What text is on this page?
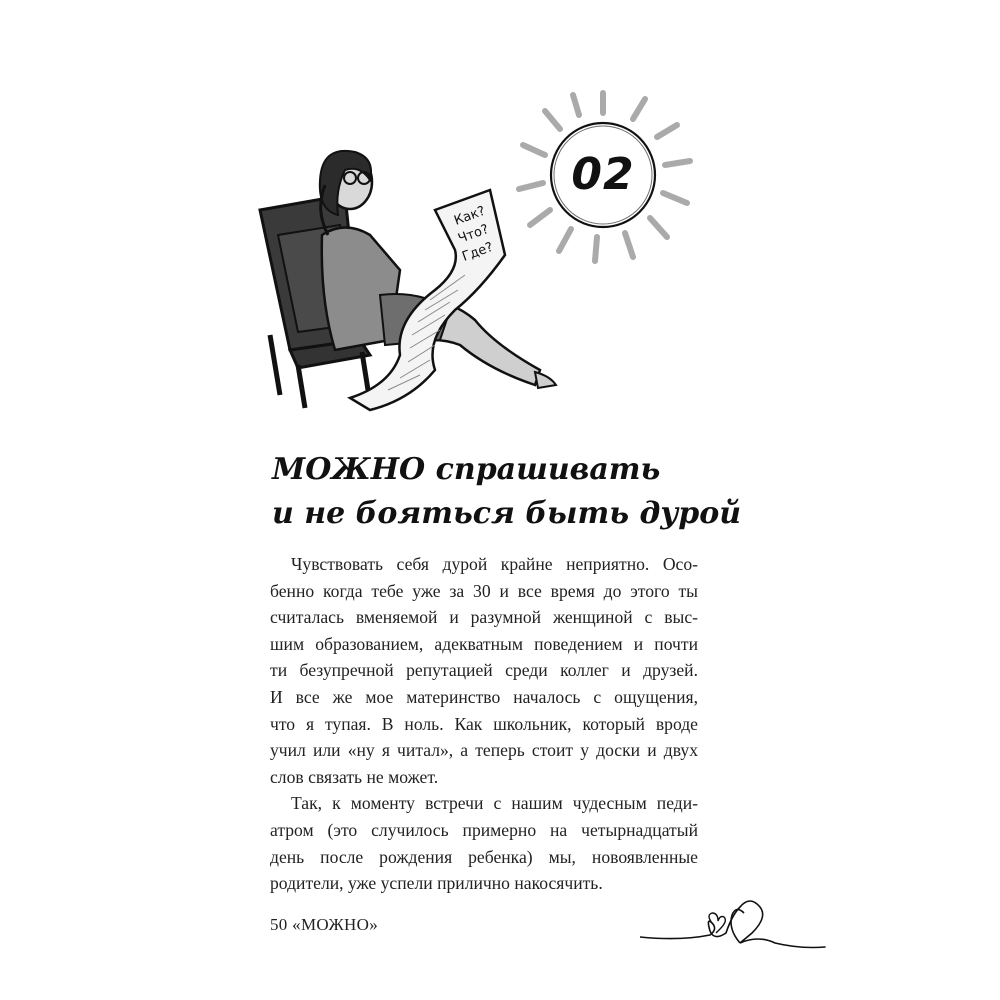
Как?
Что?
Где?
02
МОЖНО спрашивать
и не бояться быть дурой
Чувствовать себя дурой крайне неприятно. Осо-
бенно когда тебе уже за 30 и все время до этого ты
считалась вменяемой и разумной женщиной с выс-
шим образованием, адекватным поведением и почти
ти безупречной репутацией среди коллег и друзей.
И все же мое материнство началось с ощущения,
что я тупая. В ноль. Как школьник, который вроде
учил или «ну я читал», а теперь стоит у доски и двух
слов связать не может.
Так, к моменту встречи с нашим чудесным педи-
атром (это случилось примерно на четырнадцатый
день после рождения ребенка) мы, новоявленные
родители, уже успели прилично накосячить.
50 «МОЖНО»
